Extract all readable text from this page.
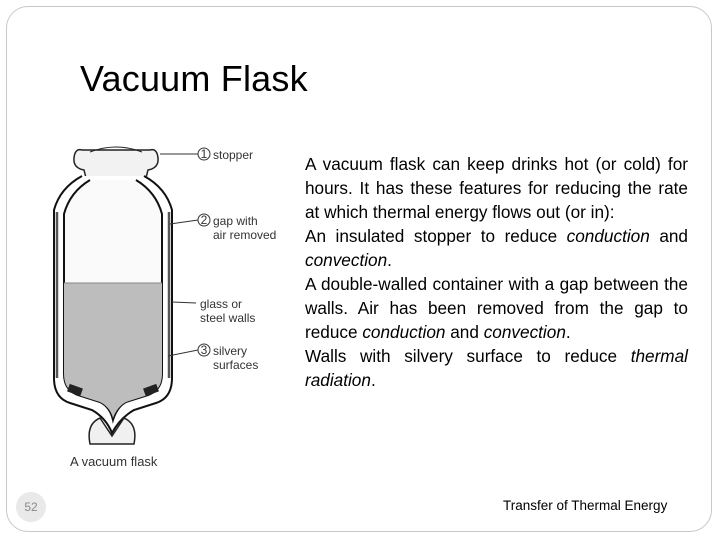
Vacuum Flask
1 stopper
2 gap with
air removed
glass or
steel walls
3 silvery
surfaces
A vacuum flask

A vacuum flask can keep drinks hot (or cold) for hours. It has these features for reducing the rate at which thermal energy flows out (or in):

An insulated stopper to reduce conduction and convection.

A double-walled container with a gap between the walls. Air has been removed from the gap to reduce conduction and convection.

Walls with silvery surface to reduce thermal radiation.

52	Transfer of Thermal Energy
